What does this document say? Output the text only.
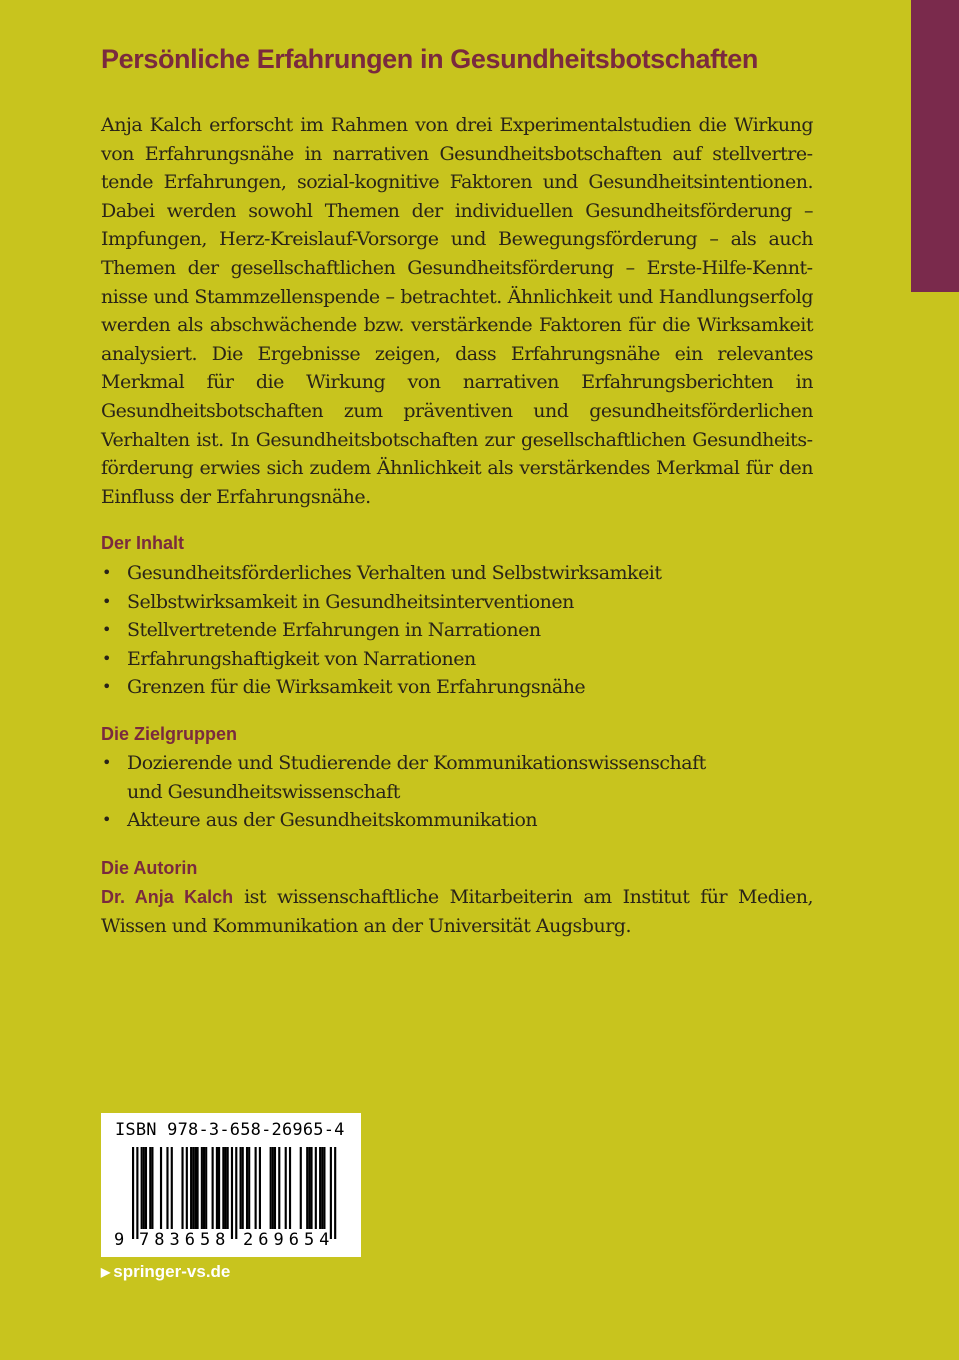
Persönliche Erfahrungen in Gesundheitsbotschaften

Anja Kalch erforscht im Rahmen von drei Experimentalstudien die Wirkung von Erfahrungsnähe in narrativen Gesundheitsbotschaften auf stellvertretende Erfahrungen, sozial-kognitive Faktoren und Gesundheitsintentionen. Dabei werden sowohl Themen der individuellen Gesundheitsförderung – Impfungen, Herz-Kreislauf-Vorsorge und Bewegungsförderung – als auch Themen der gesellschaftlichen Gesundheitsförderung – Erste-Hilfe-Kenntnisse und Stammzellenspende – betrachtet. Ähnlichkeit und Handlungserfolg werden als abschwächende bzw. verstärkende Faktoren für die Wirksamkeit analysiert. Die Ergebnisse zeigen, dass Erfahrungsnähe ein relevantes Merkmal für die Wirkung von narrativen Erfahrungsberichten in Gesundheitsbotschaften zum präventiven und gesundheitsförderlichen Verhalten ist. In Gesundheitsbotschaften zur gesellschaftlichen Gesundheitsförderung erwies sich zudem Ähnlichkeit als verstärkendes Merkmal für den Einfluss der Erfahrungsnähe.

Der Inhalt
• Gesundheitsförderliches Verhalten und Selbstwirksamkeit
• Selbstwirksamkeit in Gesundheitsinterventionen
• Stellvertretende Erfahrungen in Narrationen
• Erfahrungshaftigkeit von Narrationen
• Grenzen für die Wirksamkeit von Erfahrungsnähe
Die Zielgruppen
• Dozierende und Studierende der Kommunikationswissenschaft und Gesundheitswissenschaft
• Akteure aus der Gesundheitskommunikation
Die Autorin

Dr. Anja Kalch ist wissenschaftliche Mitarbeiterin am Institut für Medien, Wissen und Kommunikation an der Universität Augsburg.

ISBN 978-3-658-26965-4
9 783658 269654
▶ springer-vs.de
